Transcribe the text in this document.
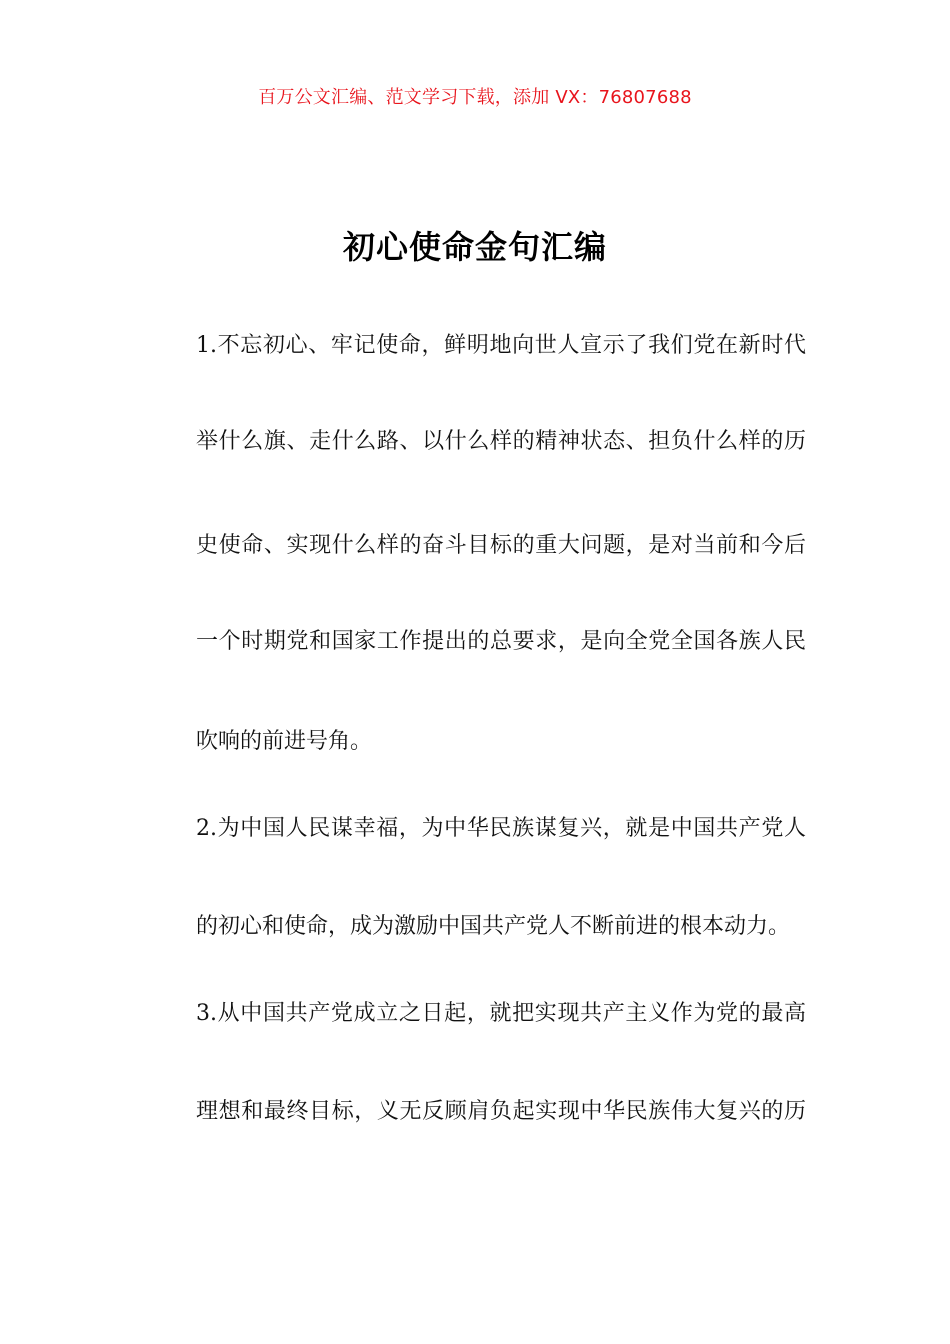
百万公文汇编、范文学习下载，添加 VX：76807688
初心使命金句汇编
1.不忘初心、牢记使命，鲜明地向世人宣示了我们党在新时代
举什么旗、走什么路、以什么样的精神状态、担负什么样的历
史使命、实现什么样的奋斗目标的重大问题，是对当前和今后
一个时期党和国家工作提出的总要求，是向全党全国各族人民
吹响的前进号角。
2.为中国人民谋幸福，为中华民族谋复兴，就是中国共产党人
的初心和使命，成为激励中国共产党人不断前进的根本动力。
3.从中国共产党成立之日起，就把实现共产主义作为党的最高
理想和最终目标，义无反顾肩负起实现中华民族伟大复兴的历
